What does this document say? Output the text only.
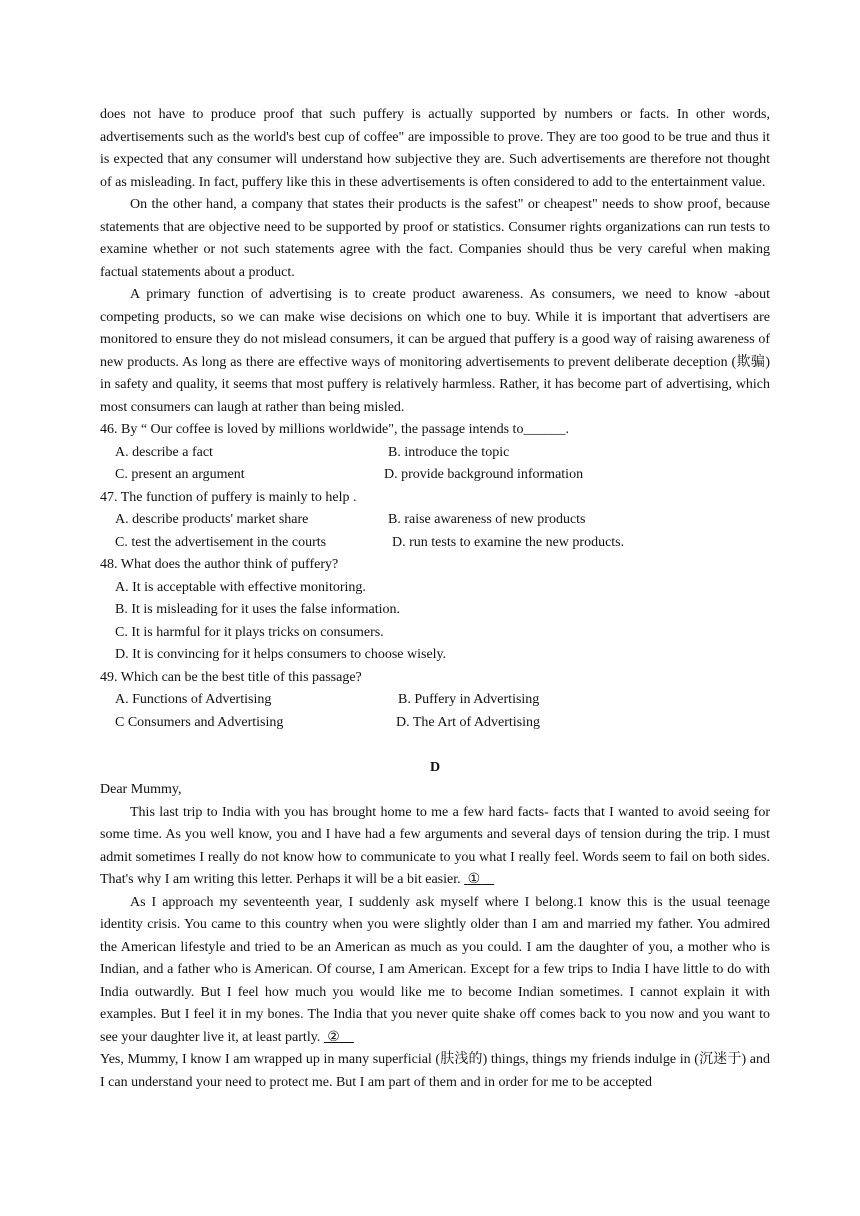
does not have to produce proof that such puffery is actually supported by numbers or facts. In other words, advertisements such as the world's best cup of coffee" are impossible to prove. They are too good to be true and thus it is expected that any consumer will understand how subjective they are. Such advertisements are therefore not thought of as misleading. In fact, puffery like this in these advertisements is often considered to add to the entertainment value.

On the other hand, a company that states their products is the safest" or cheapest" needs to show proof, because statements that are objective need to be supported by proof or statistics. Consumer rights organizations can run tests to examine whether or not such statements agree with the fact. Companies should thus be very careful when making factual statements about a product.

A primary function of advertising is to create product awareness. As consumers, we need to know -about competing products, so we can make wise decisions on which one to buy. While it is important that advertisers are monitored to ensure they do not mislead consumers, it can be argued that puffery is a good way of raising awareness of new products. As long as there are effective ways of monitoring advertisements to prevent deliberate deception (欺骗) in safety and quality, it seems that most puffery is relatively harmless. Rather, it has become part of advertising, which most consumers can laugh at rather than being misled.

46. By “ Our coffee is loved by millions worldwide", the passage intends to______.

A. describe a fact	B. introduce the topic
C. present an argument	D. provide background information

47. The function of puffery is mainly to help .

A. describe products' market share	B. raise awareness of new products
C. test the advertisement in the courts	D. run tests to examine the new products.

48. What does the author think of puffery?

A. It is acceptable with effective monitoring.

B. It is misleading for it uses the false information.

C. It is harmful for it plays tricks on consumers.

D. It is convincing for it helps consumers to choose wisely.

49. Which can be the best title of this passage?

A. Functions of Advertising	B. Puffery in Advertising
C Consumers and Advertising	D. The Art of Advertising

D

Dear Mummy,

This last trip to India with you has brought home to me a few hard facts- facts that I wanted to avoid seeing for some time. As you well know, you and I have had a few arguments and several days of tension during the trip. I must admit sometimes I really do not know how to communicate to you what I really feel. Words seem to fail on both sides. That's why I am writing this letter. Perhaps it will be a bit easier. ①

As I approach my seventeenth year, I suddenly ask myself where I belong.1 know this is the usual teenage identity crisis. You came to this country when you were slightly older than I am and married my father. You admired the American lifestyle and tried to be an American as much as you could. I am the daughter of you, a mother who is Indian, and a father who is American. Of course, I am American. Except for a few trips to India I have little to do with India outwardly. But I feel how much you would like me to become Indian sometimes. I cannot explain it with examples. But I feel it in my bones. The India that you never quite shake off comes back to you now and you want to see your daughter live it, at least partly. ②

Yes, Mummy, I know I am wrapped up in many superficial (肤浅的) things, things my friends indulge in (沉迷于) and I can understand your need to protect me. But I am part of them and in order for me to be accepted
